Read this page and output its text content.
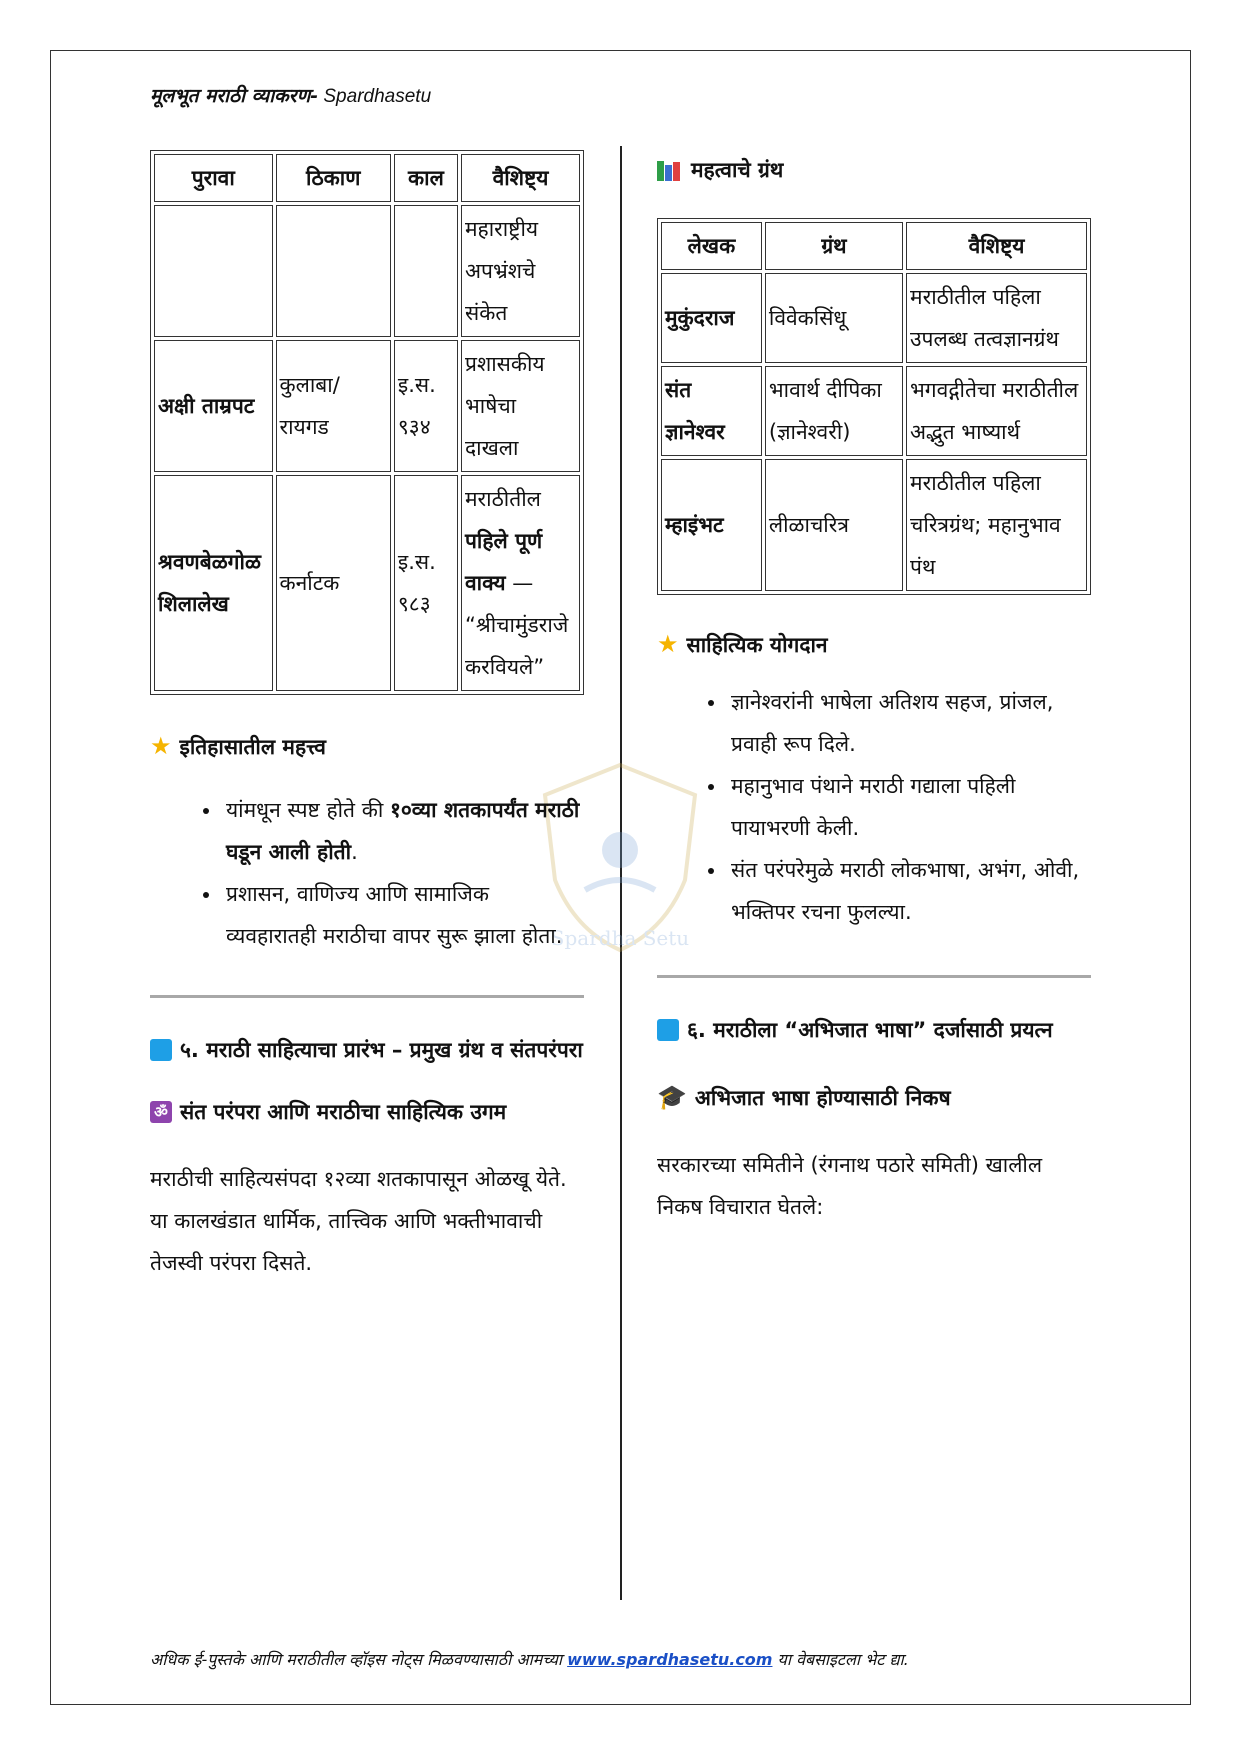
मूलभूत मराठी व्याकरण- Spardhasetu
Spardha Setu
पुरावा	ठिकाण	काल	वैशिष्ट्य
			महाराष्ट्रीय अपभ्रंशचे संकेत
अक्षी ताम्रपट	कुलाबा/रायगड	इ.स. ९३४	प्रशासकीय भाषेचा दाखला
श्रवणबेळगोळ शिलालेख	कर्नाटक	इ.स. ९८३	मराठीतील पहिले पूर्ण वाक्य — “श्रीचामुंडराजे करवियले”
★ इतिहासातील महत्त्व
• यांमधून स्पष्ट होते की १०व्या शतकापर्यंत मराठी घडून आली होती.
• प्रशासन, वाणिज्य आणि सामाजिक व्यवहारातही मराठीचा वापर सुरू झाला होता.
५. मराठी साहित्याचा प्रारंभ – प्रमुख ग्रंथ व संतपरंपरा
ॐ संत परंपरा आणि मराठीचा साहित्यिक उगम
मराठीची साहित्यसंपदा १२व्या शतकापासून ओळखू येते.
या कालखंडात धार्मिक, तात्त्विक आणि भक्तीभावाची तेजस्वी परंपरा दिसते.
महत्वाचे ग्रंथ
लेखक	ग्रंथ	वैशिष्ट्य
मुकुंदराज	विवेकसिंधू	मराठीतील पहिला उपलब्ध तत्वज्ञानग्रंथ
संत ज्ञानेश्वर	भावार्थ दीपिका (ज्ञानेश्वरी)	भगवद्गीतेचा मराठीतील अद्भुत भाष्यार्थ
म्हाइंभट	लीळाचरित्र	मराठीतील पहिला चरित्रग्रंथ; महानुभाव पंथ
★ साहित्यिक योगदान
• ज्ञानेश्वरांनी भाषेला अतिशय सहज, प्रांजल, प्रवाही रूप दिले.
• महानुभाव पंथाने मराठी गद्याला पहिली पायाभरणी केली.
• संत परंपरेमुळे मराठी लोकभाषा, अभंग, ओवी, भक्तिपर रचना फुलल्या.
६. मराठीला “अभिजात भाषा” दर्जासाठी प्रयत्न
🎓 अभिजात भाषा होण्यासाठी निकष
सरकारच्या समितीने (रंगनाथ पठारे समिती) खालील निकष विचारात घेतले:
अधिक ई-पुस्तके आणि मराठीतील व्हॉइस नोट्स मिळवण्यासाठी आमच्या www.spardhasetu.com या वेबसाइटला भेट द्या.
